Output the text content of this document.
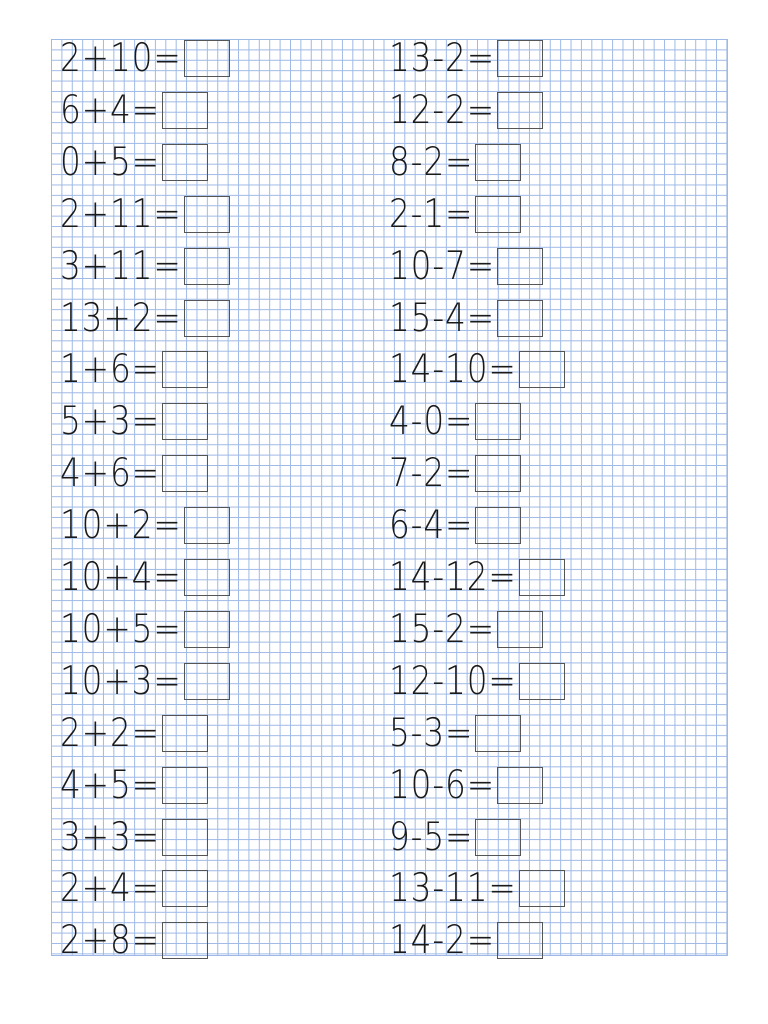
2+10=
6+4=
0+5=
2+11=
3+11=
13+2=
1+6=
5+3=
4+6=
10+2=
10+4=
10+5=
10+3=
2+2=
4+5=
3+3=
2+4=
2+8=
13-2=
12-2=
8-2=
2-1=
10-7=
15-4=
14-10=
4-0=
7-2=
6-4=
14-12=
15-2=
12-10=
5-3=
10-6=
9-5=
13-11=
14-2=
